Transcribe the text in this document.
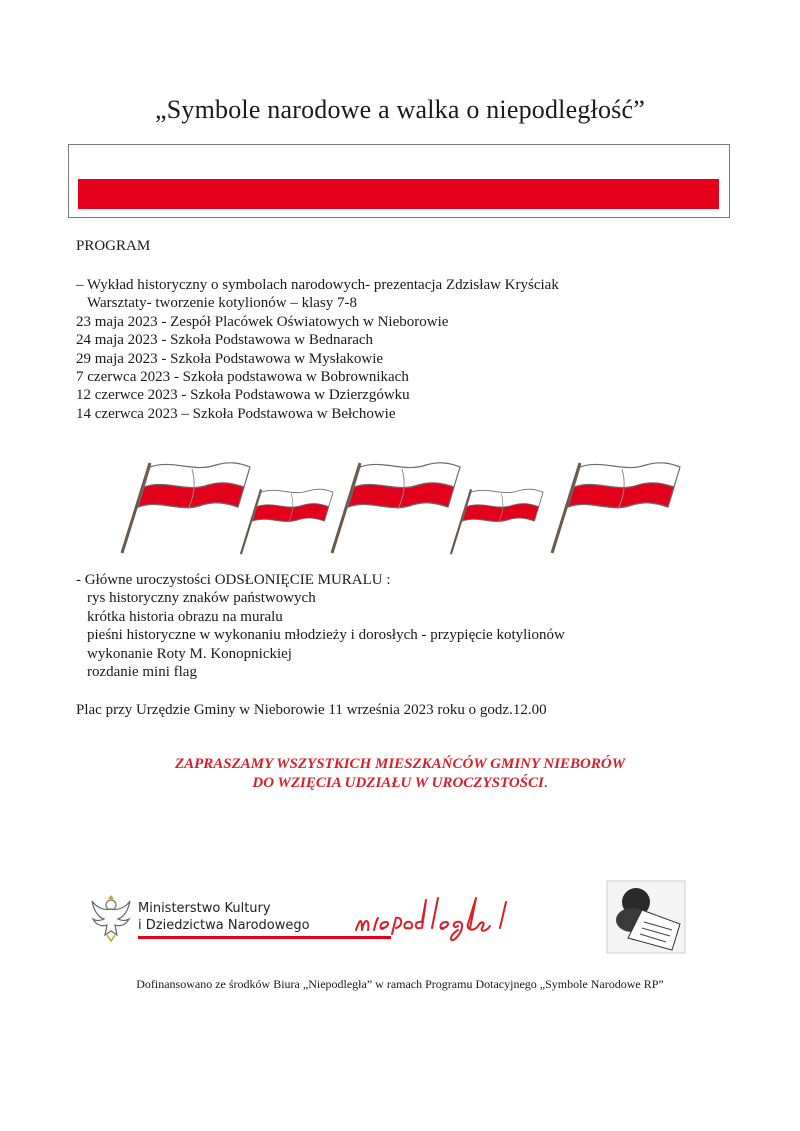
„Symbole narodowe a walka o niepodległość”
PROGRAM
– Wykład historyczny o symbolach narodowych- prezentacja Zdzisław Kryściak
Warsztaty- tworzenie kotylionów – klasy 7-8
23 maja 2023 - Zespół Placówek Oświatowych w Nieborowie
24 maja 2023 - Szkoła Podstawowa w Bednarach
29 maja 2023 - Szkoła Podstawowa w Mysłakowie
7 czerwca 2023 - Szkoła podstawowa w Bobrownikach
12 czerwcе 2023 - Szkoła Podstawowa w Dzierzgówku
14 czerwca 2023 – Szkoła Podstawowa w Bełchowie
- Główne uroczystości ODSŁONIĘCIE MURALU :
rys historyczny znaków państwowych
krótka historia obrazu na muralu
pieśni historyczne w wykonaniu młodzieży i dorosłych - przypięcie kotylionów
wykonanie Roty M. Konopnickiej
rozdanie mini flag
Plac przy Urzędzie Gminy w Nieborowie 11 września 2023 roku o godz.12.00
ZAPRASZAMY WSZYSTKICH MIESZKAŃCÓW GMINY NIEBORÓW
DO WZIĘCIA UDZIAŁU W UROCZYSTOŚCI.
Ministerstwo Kultury
i Dziedzictwa Narodowego
Dofinansowano ze środków Biura „Niepodległa” w ramach Programu Dotacyjnego „Symbole Narodowe RP”
